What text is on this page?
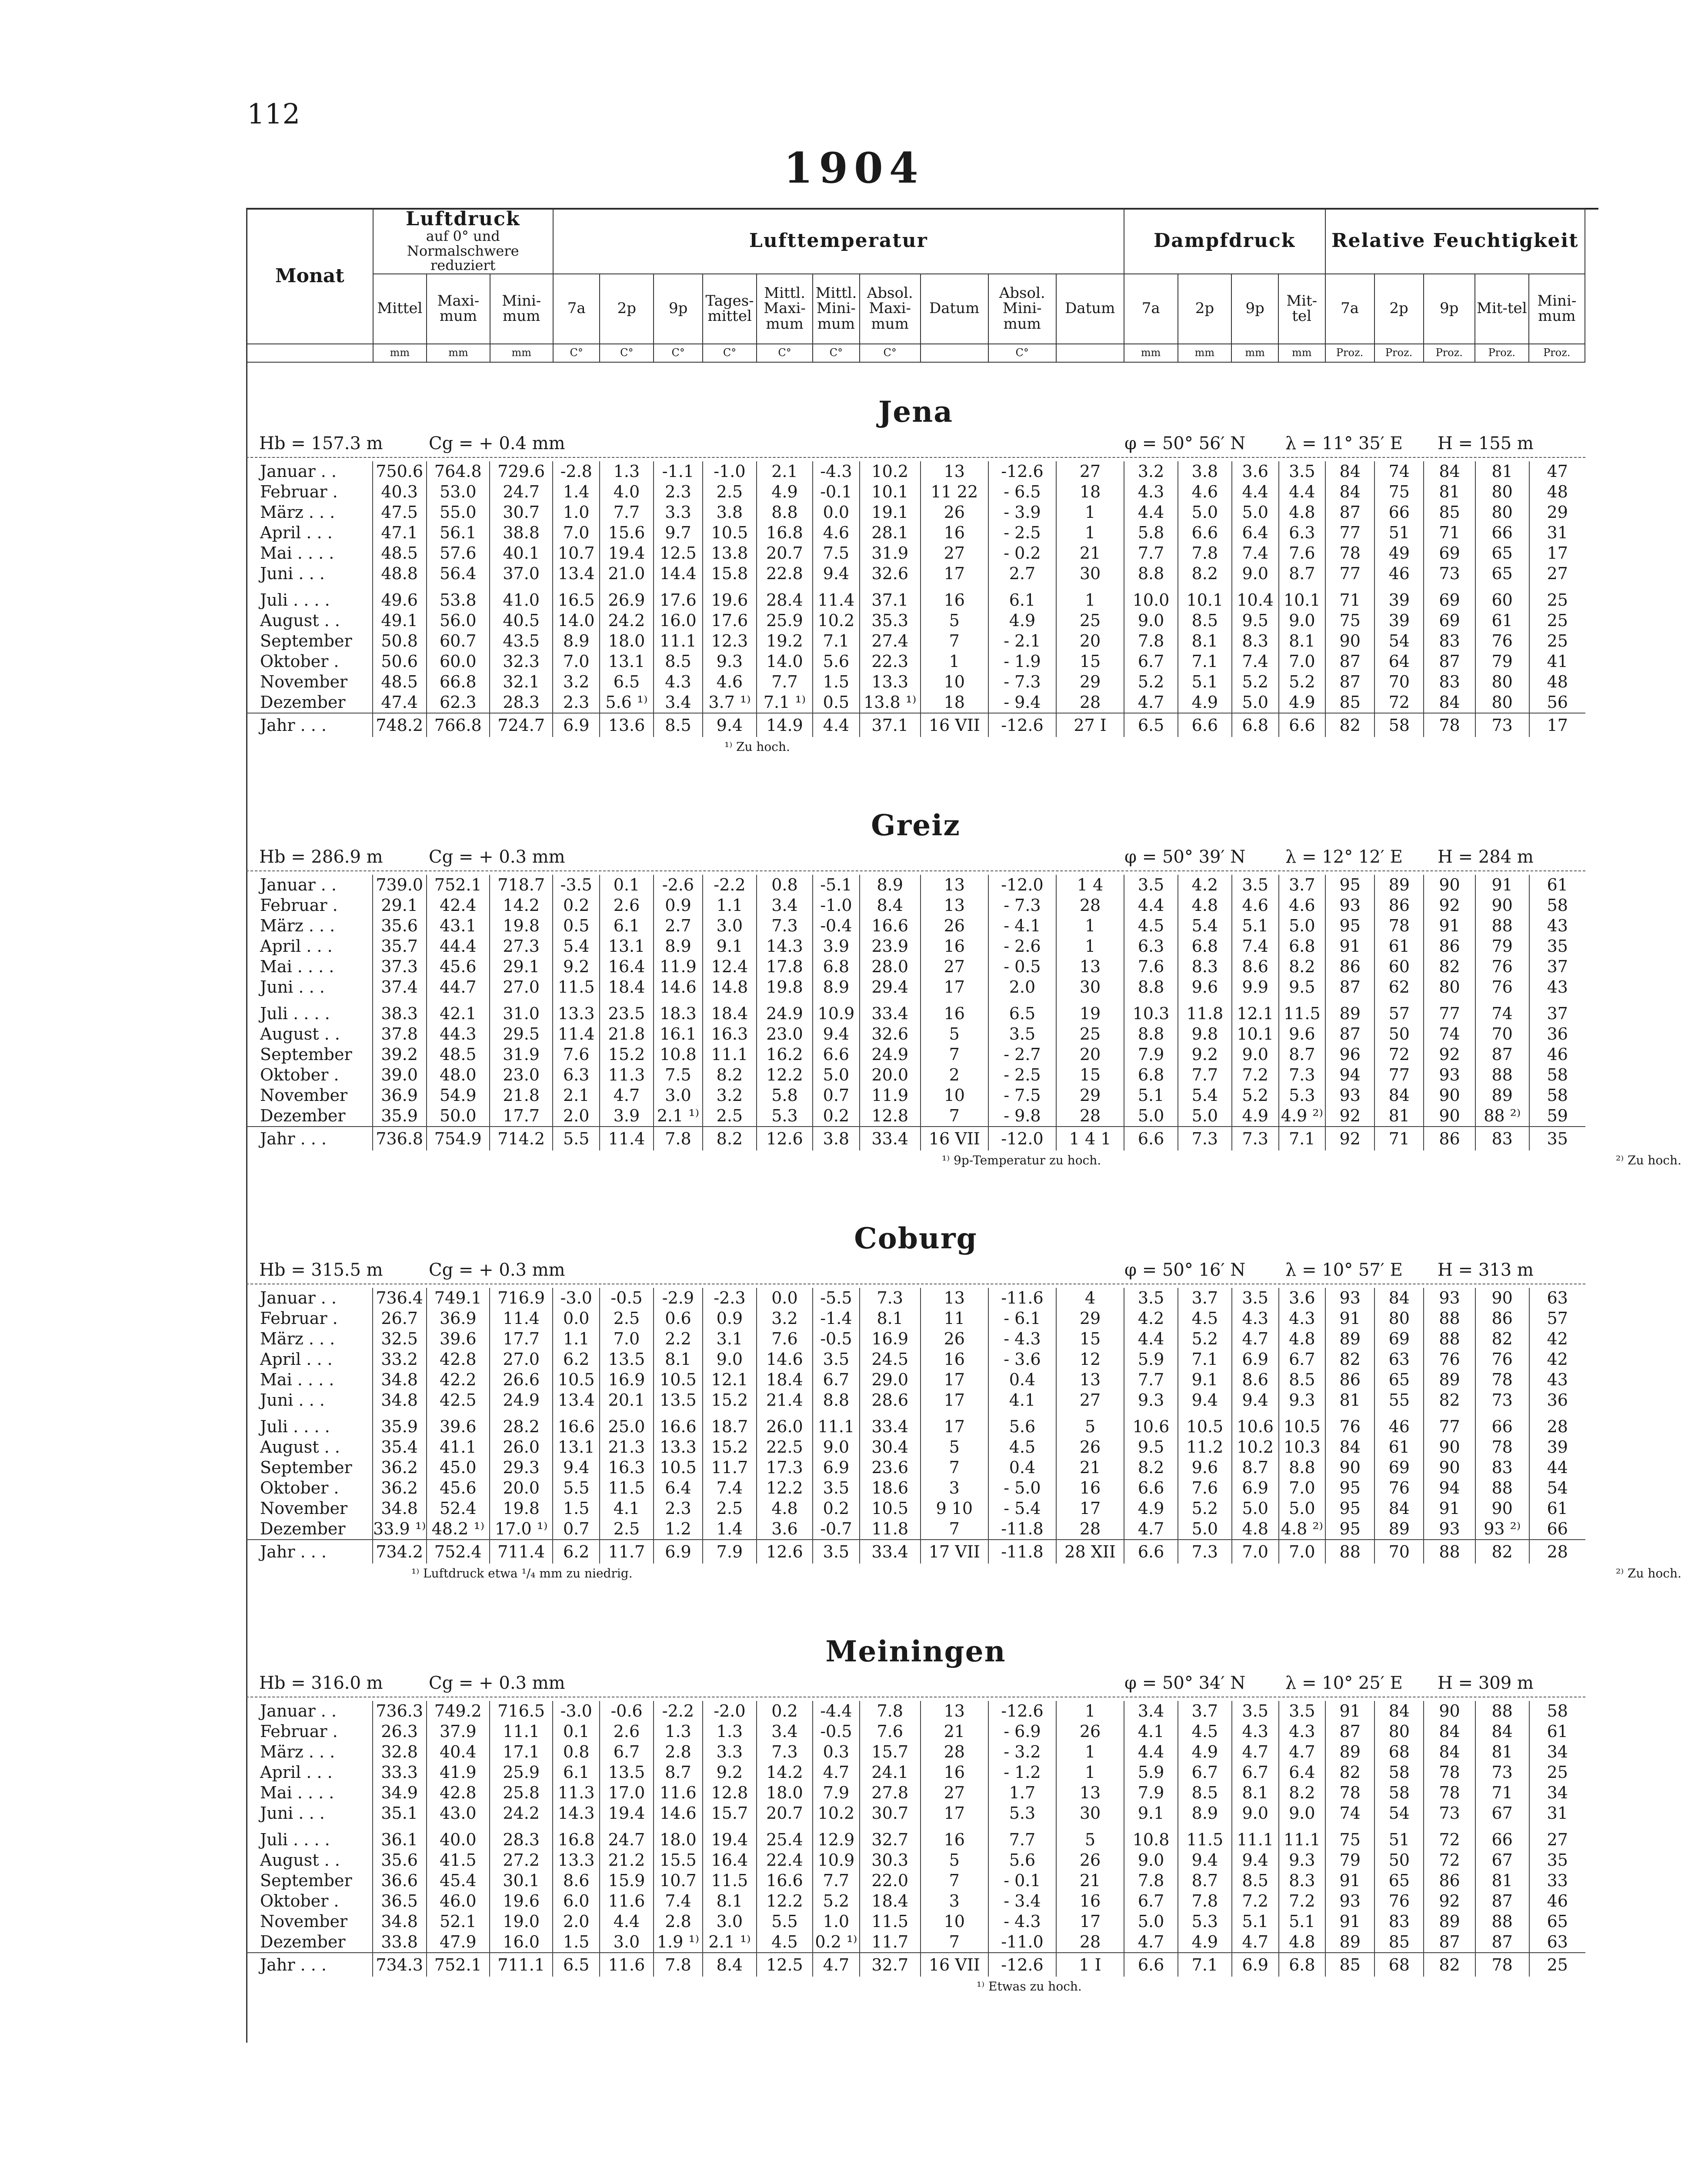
112
1904
Monat	Luftdruck
auf 0° und Normalschwere reduziert			Lufttemperatur										Dampfdruck				Relative Feuchtigkeit				
	Mittel	Maxi-mum	Mini-mum	7a	2p	9p	Tages-mittel	Mittl. Maxi-mum	Mittl. Mini-mum	Absol. Maxi-mum	Datum	Absol. Mini-mum	Datum	7a	2p	9p	Mit-tel	7a	2p	9p	Mit-tel	Mini-mum
	mm	mm	mm	C°	C°	C°	C°	C°	C°	C°		C°		mm	mm	mm	mm	Proz.	Proz.	Proz.	Proz.	Proz.
Jena
Hb = 157.3 m	Cg = + 0.4 mm	φ = 50° 56′ N λ = 11° 35′ E H = 155 m
Januar . .	750.6	764.8	729.6	-2.8	1.3	-1.1	-1.0	2.1	-4.3	10.2	13	-12.6	27	3.2	3.8	3.6	3.5	84	74	84	81	47
Februar .	40.3	53.0	24.7	1.4	4.0	2.3	2.5	4.9	-0.1	10.1	11 22	- 6.5	18	4.3	4.6	4.4	4.4	84	75	81	80	48
März . . .	47.5	55.0	30.7	1.0	7.7	3.3	3.8	8.8	0.0	19.1	26	- 3.9	1	4.4	5.0	5.0	4.8	87	66	85	80	29
April . . .	47.1	56.1	38.8	7.0	15.6	9.7	10.5	16.8	4.6	28.1	16	- 2.5	1	5.8	6.6	6.4	6.3	77	51	71	66	31
Mai . . . .	48.5	57.6	40.1	10.7	19.4	12.5	13.8	20.7	7.5	31.9	27	- 0.2	21	7.7	7.8	7.4	7.6	78	49	69	65	17
Juni . . .	48.8	56.4	37.0	13.4	21.0	14.4	15.8	22.8	9.4	32.6	17	2.7	30	8.8	8.2	9.0	8.7	77	46	73	65	27

Juli . . . .	49.6	53.8	41.0	16.5	26.9	17.6	19.6	28.4	11.4	37.1	16	6.1	1	10.0	10.1	10.4	10.1	71	39	69	60	25
August . .	49.1	56.0	40.5	14.0	24.2	16.0	17.6	25.9	10.2	35.3	5	4.9	25	9.0	8.5	9.5	9.0	75	39	69	61	25
September	50.8	60.7	43.5	8.9	18.0	11.1	12.3	19.2	7.1	27.4	7	- 2.1	20	7.8	8.1	8.3	8.1	90	54	83	76	25
Oktober .	50.6	60.0	32.3	7.0	13.1	8.5	9.3	14.0	5.6	22.3	1	- 1.9	15	6.7	7.1	7.4	7.0	87	64	87	79	41
November	48.5	66.8	32.1	3.2	6.5	4.3	4.6	7.7	1.5	13.3	10	- 7.3	29	5.2	5.1	5.2	5.2	87	70	83	80	48
Dezember	47.4	62.3	28.3	2.3	5.6 ¹⁾	3.4	3.7 ¹⁾	7.1 ¹⁾	0.5	13.8 ¹⁾	18	- 9.4	28	4.7	4.9	5.0	4.9	85	72	84	80	56
Jahr . . .	748.2	766.8	724.7	6.9	13.6	8.5	9.4	14.9	4.4	37.1	16 VII	-12.6	27 I	6.5	6.6	6.8	6.6	82	58	78	73	17
¹⁾ Zu hoch.
Greiz
Hb = 286.9 m	Cg = + 0.3 mm	φ = 50° 39′ N λ = 12° 12′ E H = 284 m
Januar . .	739.0	752.1	718.7	-3.5	0.1	-2.6	-2.2	0.8	-5.1	8.9	13	-12.0	1 4	3.5	4.2	3.5	3.7	95	89	90	91	61
Februar .	29.1	42.4	14.2	0.2	2.6	0.9	1.1	3.4	-1.0	8.4	13	- 7.3	28	4.4	4.8	4.6	4.6	93	86	92	90	58
März . . .	35.6	43.1	19.8	0.5	6.1	2.7	3.0	7.3	-0.4	16.6	26	- 4.1	1	4.5	5.4	5.1	5.0	95	78	91	88	43
April . . .	35.7	44.4	27.3	5.4	13.1	8.9	9.1	14.3	3.9	23.9	16	- 2.6	1	6.3	6.8	7.4	6.8	91	61	86	79	35
Mai . . . .	37.3	45.6	29.1	9.2	16.4	11.9	12.4	17.8	6.8	28.0	27	- 0.5	13	7.6	8.3	8.6	8.2	86	60	82	76	37
Juni . . .	37.4	44.7	27.0	11.5	18.4	14.6	14.8	19.8	8.9	29.4	17	2.0	30	8.8	9.6	9.9	9.5	87	62	80	76	43

Juli . . . .	38.3	42.1	31.0	13.3	23.5	18.3	18.4	24.9	10.9	33.4	16	6.5	19	10.3	11.8	12.1	11.5	89	57	77	74	37
August . .	37.8	44.3	29.5	11.4	21.8	16.1	16.3	23.0	9.4	32.6	5	3.5	25	8.8	9.8	10.1	9.6	87	50	74	70	36
September	39.2	48.5	31.9	7.6	15.2	10.8	11.1	16.2	6.6	24.9	7	- 2.7	20	7.9	9.2	9.0	8.7	96	72	92	87	46
Oktober .	39.0	48.0	23.0	6.3	11.3	7.5	8.2	12.2	5.0	20.0	2	- 2.5	15	6.8	7.7	7.2	7.3	94	77	93	88	58
November	36.9	54.9	21.8	2.1	4.7	3.0	3.2	5.8	0.7	11.9	10	- 7.5	29	5.1	5.4	5.2	5.3	93	84	90	89	58
Dezember	35.9	50.0	17.7	2.0	3.9	2.1 ¹⁾	2.5	5.3	0.2	12.8	7	- 9.8	28	5.0	5.0	4.9	4.9 ²⁾	92	81	90	88 ²⁾	59
Jahr . . .	736.8	754.9	714.2	5.5	11.4	7.8	8.2	12.6	3.8	33.4	16 VII	-12.0	1 4 1	6.6	7.3	7.3	7.1	92	71	86	83	35
¹⁾ 9p-Temperatur zu hoch.	²⁾ Zu hoch.
Coburg
Hb = 315.5 m	Cg = + 0.3 mm	φ = 50° 16′ N λ = 10° 57′ E H = 313 m
Januar . .	736.4	749.1	716.9	-3.0	-0.5	-2.9	-2.3	0.0	-5.5	7.3	13	-11.6	4	3.5	3.7	3.5	3.6	93	84	93	90	63
Februar .	26.7	36.9	11.4	0.0	2.5	0.6	0.9	3.2	-1.4	8.1	11	- 6.1	29	4.2	4.5	4.3	4.3	91	80	88	86	57
März . . .	32.5	39.6	17.7	1.1	7.0	2.2	3.1	7.6	-0.5	16.9	26	- 4.3	15	4.4	5.2	4.7	4.8	89	69	88	82	42
April . . .	33.2	42.8	27.0	6.2	13.5	8.1	9.0	14.6	3.5	24.5	16	- 3.6	12	5.9	7.1	6.9	6.7	82	63	76	76	42
Mai . . . .	34.8	42.2	26.6	10.5	16.9	10.5	12.1	18.4	6.7	29.0	17	0.4	13	7.7	9.1	8.6	8.5	86	65	89	78	43
Juni . . .	34.8	42.5	24.9	13.4	20.1	13.5	15.2	21.4	8.8	28.6	17	4.1	27	9.3	9.4	9.4	9.3	81	55	82	73	36

Juli . . . .	35.9	39.6	28.2	16.6	25.0	16.6	18.7	26.0	11.1	33.4	17	5.6	5	10.6	10.5	10.6	10.5	76	46	77	66	28
August . .	35.4	41.1	26.0	13.1	21.3	13.3	15.2	22.5	9.0	30.4	5	4.5	26	9.5	11.2	10.2	10.3	84	61	90	78	39
September	36.2	45.0	29.3	9.4	16.3	10.5	11.7	17.3	6.9	23.6	7	0.4	21	8.2	9.6	8.7	8.8	90	69	90	83	44
Oktober .	36.2	45.6	20.0	5.5	11.5	6.4	7.4	12.2	3.5	18.6	3	- 5.0	16	6.6	7.6	6.9	7.0	95	76	94	88	54
November	34.8	52.4	19.8	1.5	4.1	2.3	2.5	4.8	0.2	10.5	9 10	- 5.4	17	4.9	5.2	5.0	5.0	95	84	91	90	61
Dezember	33.9 ¹⁾	48.2 ¹⁾	17.0 ¹⁾	0.7	2.5	1.2	1.4	3.6	-0.7	11.8	7	-11.8	28	4.7	5.0	4.8	4.8 ²⁾	95	89	93	93 ²⁾	66
Jahr . . .	734.2	752.4	711.4	6.2	11.7	6.9	7.9	12.6	3.5	33.4	17 VII	-11.8	28 XII	6.6	7.3	7.0	7.0	88	70	88	82	28
¹⁾ Luftdruck etwa ¹/₄ mm zu niedrig.	²⁾ Zu hoch.
Meiningen
Hb = 316.0 m	Cg = + 0.3 mm	φ = 50° 34′ N λ = 10° 25′ E H = 309 m
Januar . .	736.3	749.2	716.5	-3.0	-0.6	-2.2	-2.0	0.2	-4.4	7.8	13	-12.6	1	3.4	3.7	3.5	3.5	91	84	90	88	58
Februar .	26.3	37.9	11.1	0.1	2.6	1.3	1.3	3.4	-0.5	7.6	21	- 6.9	26	4.1	4.5	4.3	4.3	87	80	84	84	61
März . . .	32.8	40.4	17.1	0.8	6.7	2.8	3.3	7.3	0.3	15.7	28	- 3.2	1	4.4	4.9	4.7	4.7	89	68	84	81	34
April . . .	33.3	41.9	25.9	6.1	13.5	8.7	9.2	14.2	4.7	24.1	16	- 1.2	1	5.9	6.7	6.7	6.4	82	58	78	73	25
Mai . . . .	34.9	42.8	25.8	11.3	17.0	11.6	12.8	18.0	7.9	27.8	27	1.7	13	7.9	8.5	8.1	8.2	78	58	78	71	34
Juni . . .	35.1	43.0	24.2	14.3	19.4	14.6	15.7	20.7	10.2	30.7	17	5.3	30	9.1	8.9	9.0	9.0	74	54	73	67	31

Juli . . . .	36.1	40.0	28.3	16.8	24.7	18.0	19.4	25.4	12.9	32.7	16	7.7	5	10.8	11.5	11.1	11.1	75	51	72	66	27
August . .	35.6	41.5	27.2	13.3	21.2	15.5	16.4	22.4	10.9	30.3	5	5.6	26	9.0	9.4	9.4	9.3	79	50	72	67	35
September	36.6	45.4	30.1	8.6	15.9	10.7	11.5	16.6	7.7	22.0	7	- 0.1	21	7.8	8.7	8.5	8.3	91	65	86	81	33
Oktober .	36.5	46.0	19.6	6.0	11.6	7.4	8.1	12.2	5.2	18.4	3	- 3.4	16	6.7	7.8	7.2	7.2	93	76	92	87	46
November	34.8	52.1	19.0	2.0	4.4	2.8	3.0	5.5	1.0	11.5	10	- 4.3	17	5.0	5.3	5.1	5.1	91	83	89	88	65
Dezember	33.8	47.9	16.0	1.5	3.0	1.9 ¹⁾	2.1 ¹⁾	4.5	0.2 ¹⁾	11.7	7	-11.0	28	4.7	4.9	4.7	4.8	89	85	87	87	63
Jahr . . .	734.3	752.1	711.1	6.5	11.6	7.8	8.4	12.5	4.7	32.7	16 VII	-12.6	1 I	6.6	7.1	6.9	6.8	85	68	82	78	25
¹⁾ Etwas zu hoch.
